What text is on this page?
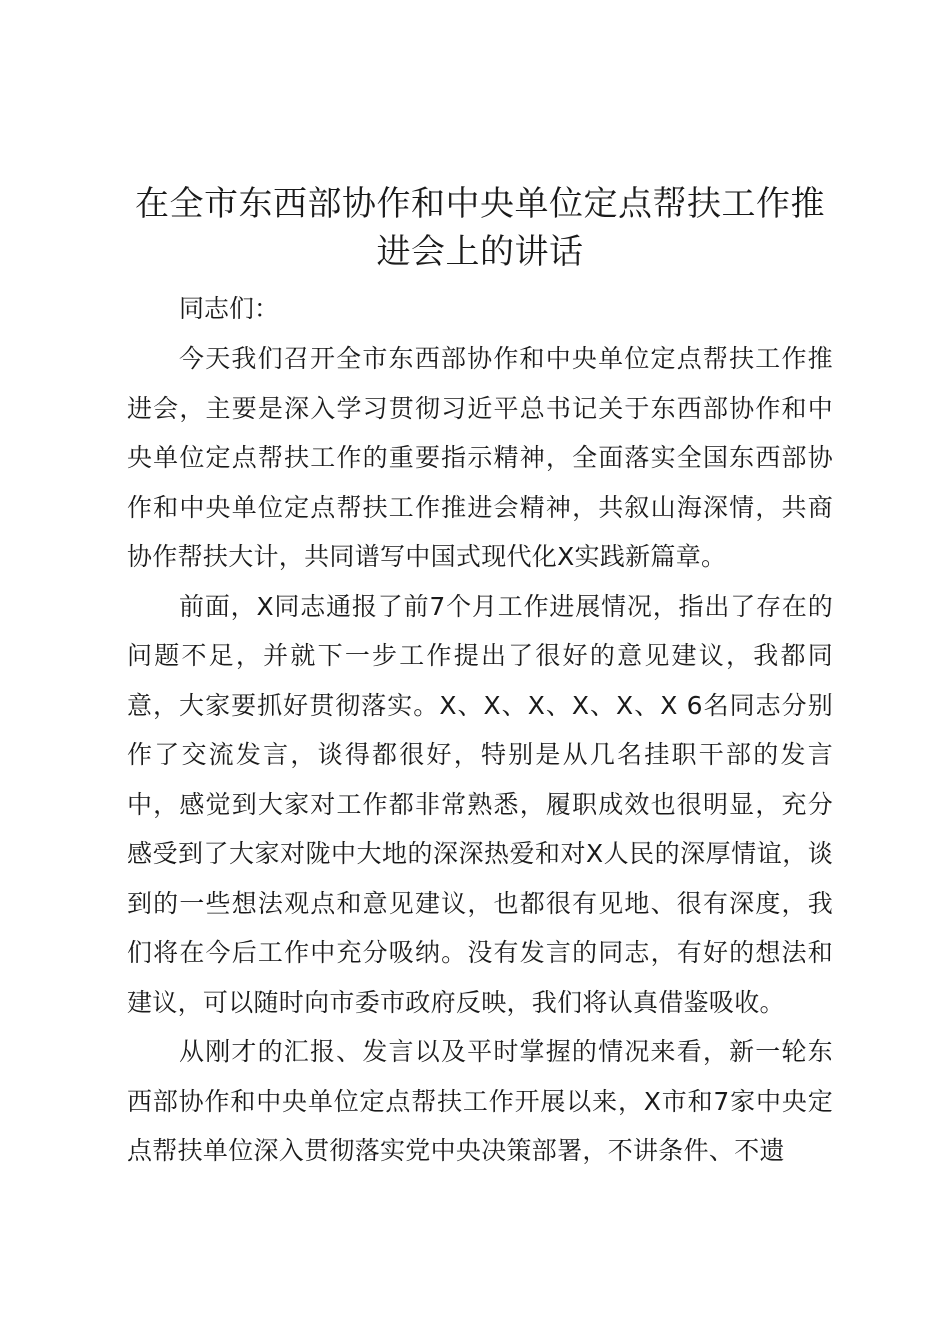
在全市东西部协作和中央单位定点帮扶工作推进会上的讲话

同志们：

今天我们召开全市东西部协作和中央单位定点帮扶工作推进会，主要是深入学习贯彻习近平总书记关于东西部协作和中央单位定点帮扶工作的重要指示精神，全面落实全国东西部协作和中央单位定点帮扶工作推进会精神，共叙山海深情，共商协作帮扶大计，共同谱写中国式现代化X实践新篇章。

前面，X同志通报了前7个月工作进展情况，指出了存在的问题不足，并就下一步工作提出了很好的意见建议，我都同意，大家要抓好贯彻落实。X、X、X、X、X、X 6名同志分别作了交流发言，谈得都很好，特别是从几名挂职干部的发言中，感觉到大家对工作都非常熟悉，履职成效也很明显，充分感受到了大家对陇中大地的深深热爱和对X人民的深厚情谊，谈到的一些想法观点和意见建议，也都很有见地、很有深度，我们将在今后工作中充分吸纳。没有发言的同志，有好的想法和建议，可以随时向市委市政府反映，我们将认真借鉴吸收。

从刚才的汇报、发言以及平时掌握的情况来看，新一轮东西部协作和中央单位定点帮扶工作开展以来，X市和7家中央定点帮扶单位深入贯彻落实党中央决策部署，不讲条件、不遗
